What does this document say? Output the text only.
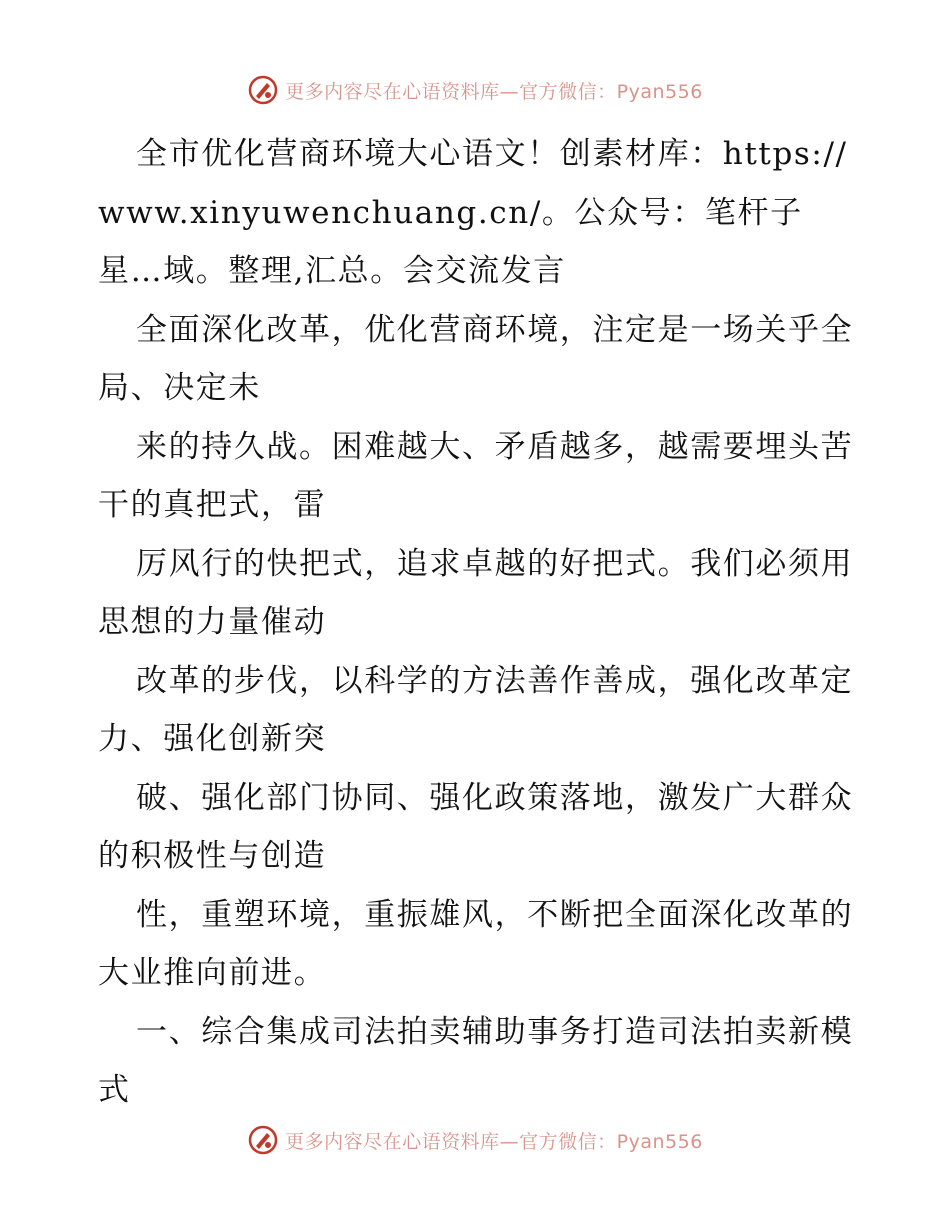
更多内容尽在心语资料库—官方微信：Pyan556

全市优化营商环境大心语文！创素材库：https://www.xinyuwenchuang.cn/。公众号：笔杆子星…域。整理,汇总。会交流发言

全面深化改革，优化营商环境，注定是一场关乎全局、决定未

来的持久战。困难越大、矛盾越多，越需要埋头苦干的真把式，雷

厉风行的快把式，追求卓越的好把式。我们必须用思想的力量催动

改革的步伐，以科学的方法善作善成，强化改革定力、强化创新突

破、强化部门协同、强化政策落地，激发广大群众的积极性与创造

性，重塑环境，重振雄风，不断把全面深化改革的大业推向前进。

一、综合集成司法拍卖辅助事务打造司法拍卖新模式

更多内容尽在心语资料库—官方微信：Pyan556
